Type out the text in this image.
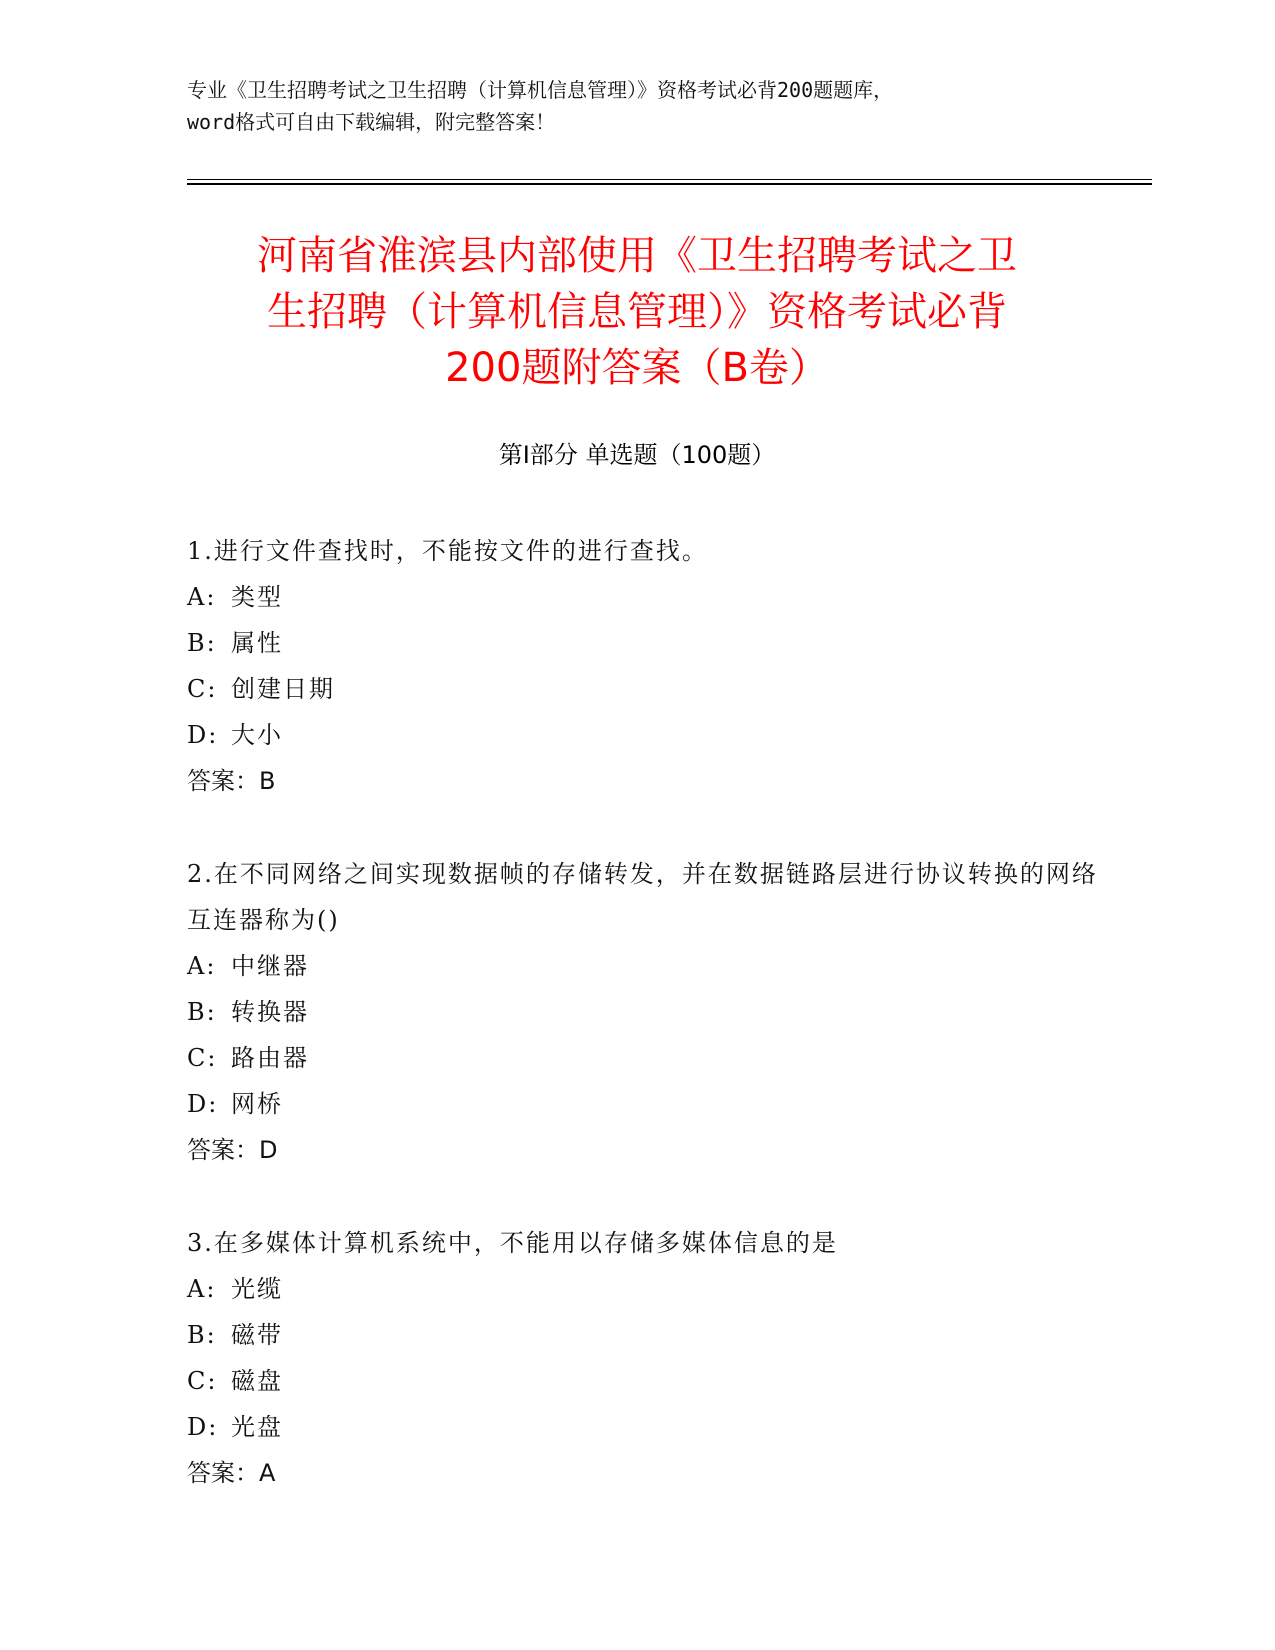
专业《卫生招聘考试之卫生招聘（计算机信息管理）》资格考试必背200题题库，
word格式可自由下载编辑，附完整答案！
河南省淮滨县内部使用《卫生招聘考试之卫
生招聘（计算机信息管理）》资格考试必背
200题附答案（B卷）
第Ⅰ部分 单选题（100题）
1.进行文件查找时，不能按文件的进行查找。
A: 类型
B: 属性
C: 创建日期
D: 大小
答案：B
2.在不同网络之间实现数据帧的存储转发，并在数据链路层进行协议转换的网络互连器称为()
A: 中继器
B: 转换器
C: 路由器
D: 网桥
答案：D
3.在多媒体计算机系统中，不能用以存储多媒体信息的是
A: 光缆
B: 磁带
C: 磁盘
D: 光盘
答案：A
